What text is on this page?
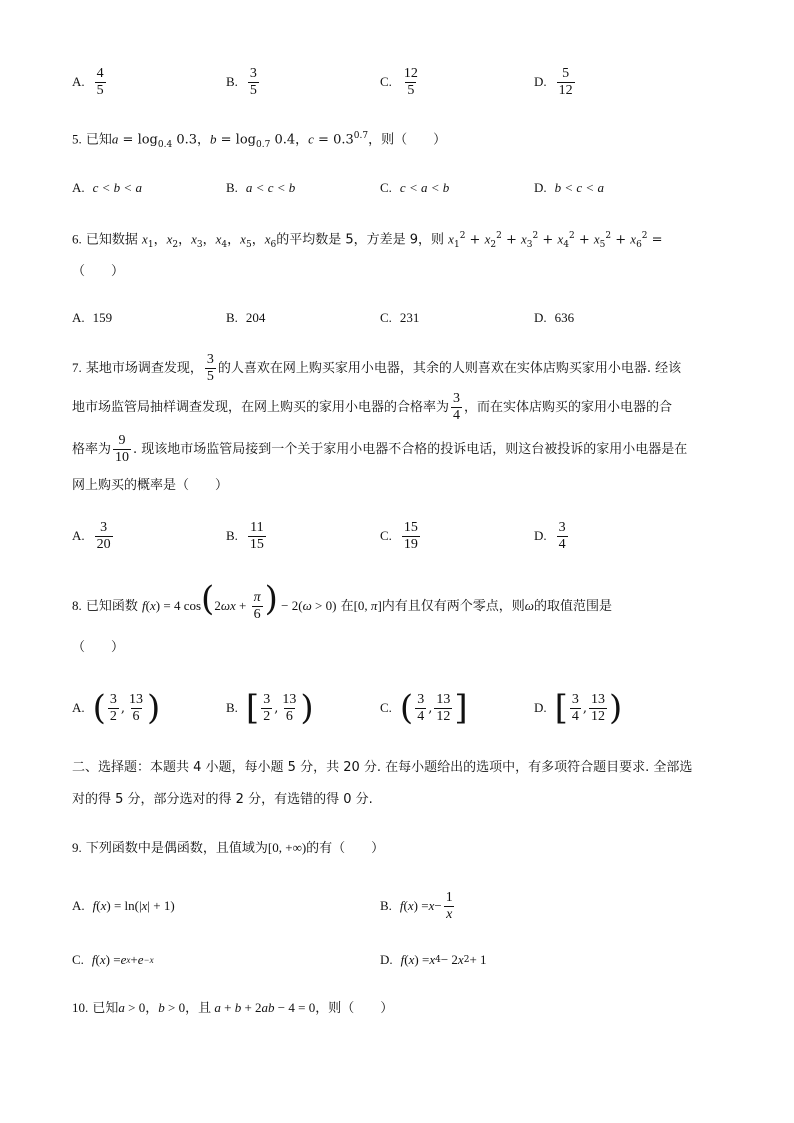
A. $\frac{4}{5}$	B. $\frac{3}{5}$	C. $\frac{12}{5}$	D. $\frac{5}{12}$
5. 已知$a = \log_{0.4} 0.3$，$b = \log_{0.7} 0.4$，$c = 0.3^{0.7}$，则（　　）
A. c < b < a	B. a < c < b	C. c < a < b	D. b < c < a
6. 已知数据 $x_1$，$x_2$，$x_3$，$x_4$，$x_5$，$x_6$的平均数是 5，方差是 9，则 $x_1^2 + x_2^2 + x_3^2 + x_4^2 + x_5^2 + x_6^2$ =
（　　）
A. 159	B. 204	C. 231	D. 636
7. 某地市场调查发现， $\frac{3}{5}$ 的人喜欢在网上购买家用小电器，其余的人则喜欢在实体店购买家用小电器. 经该
地市场监管局抽样调查发现，在网上购买的家用小电器的合格率为 $\frac{3}{4}$ ，而在实体店购买的家用小电器的合
格率为 $\frac{9}{10}$ . 现该地市场监管局接到一个关于家用小电器不合格的投诉电话，则这台被投诉的家用小电器是在
网上购买的概率是（　　）
A. $\frac{3}{20}$	B. $\frac{11}{15}$	C. $\frac{15}{19}$	D. $\frac{3}{4}$
8. 已知函数 f(x) = 4 $\cos(2\omega x + \frac{\pi}{6}$ ) − 2(ω > 0) 在[0, π]内有且仅有两个零点，则ω的取值范围是
（　　）
A. ( $\frac{3}{2}$ , $\frac{13}{6}$ )	B. [ $\frac{3}{2}$ , $\frac{13}{6}$ )	C. ( $\frac{3}{4}$ , $\frac{13}{12}$ ]	D. [ $\frac{3}{4}$ , $\frac{13}{12}$ )
二、选择题：本题共 4 小题，每小题 5 分，共 20 分. 在每小题给出的选项中，有多项符合题目要求. 全部选
对的得 5 分，部分选对的得 2 分，有选错的得 0 分.
9. 下列函数中是偶函数，且值域为[0, +∞)的有（　　）
A. f ( x ) = ln(| x | + 1)	B. f ( x ) = $x - \frac{1}{x}$
C. f ( x ) = e x + e −x	D. f ( x ) = x 4 − 2 x 2 + 1
10. 已知a > 0，b > 0，且 a + b + 2ab − 4 = 0，则（　　）
